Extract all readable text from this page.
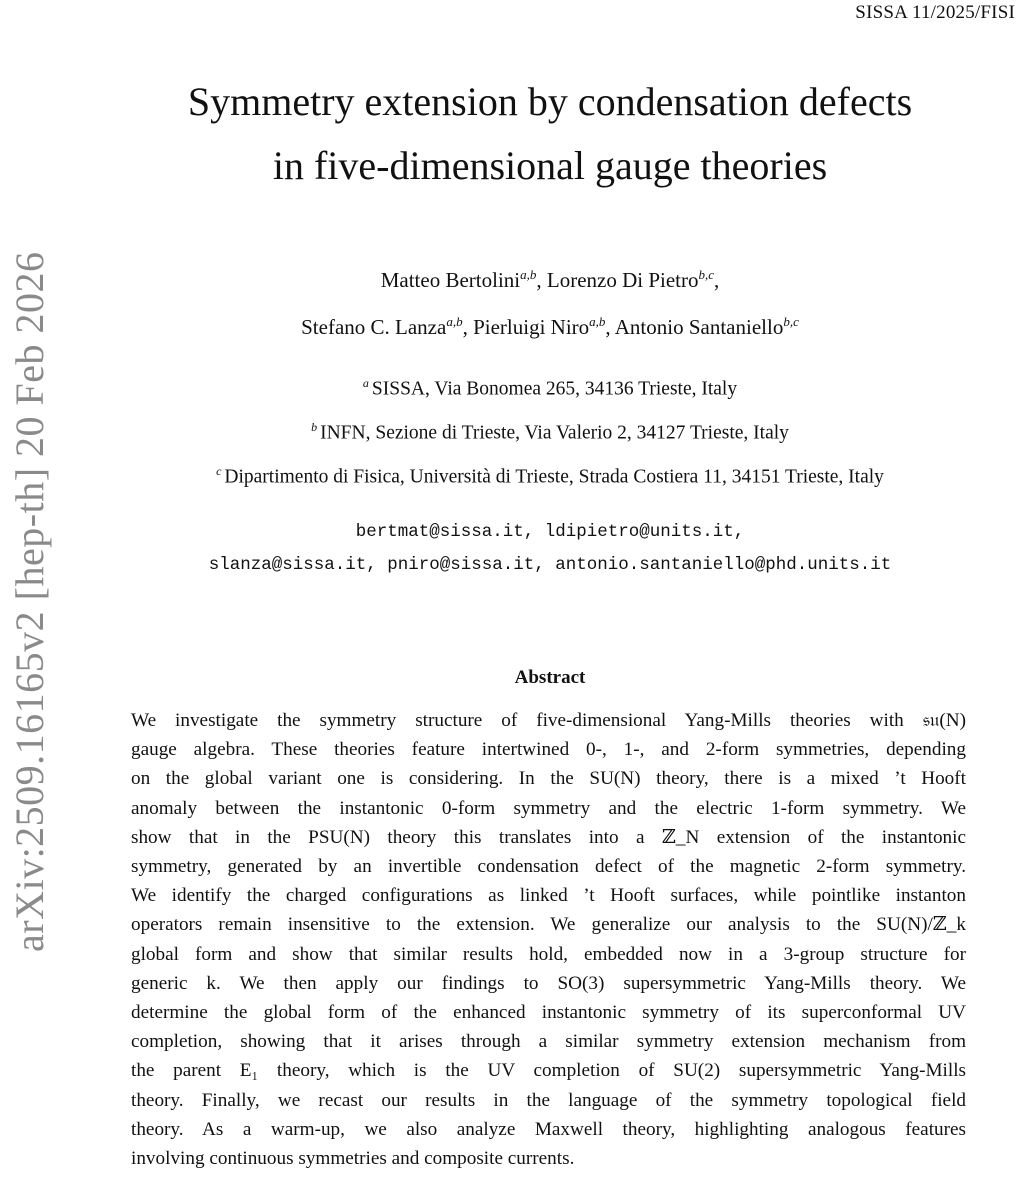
SISSA 11/2025/FISI
arXiv:2509.16165v2 [hep-th] 20 Feb 2026
Symmetry extension by condensation defects
in five-dimensional gauge theories
Matteo Bertolini$^{a,b}$, Lorenzo Di Pietro$^{b,c}$,
Stefano C. Lanza$^{a,b}$, Pierluigi Niro$^{a,b}$, Antonio Santaniello$^{b,c}$
$^a$ SISSA, Via Bonomea 265, 34136 Trieste, Italy
$^b$ INFN, Sezione di Trieste, Via Valerio 2, 34127 Trieste, Italy
$^c$ Dipartimento di Fisica, Università di Trieste, Strada Costiera 11, 34151 Trieste, Italy
bertmat@sissa.it, ldipietro@units.it,
slanza@sissa.it, pniro@sissa.it, antonio.santaniello@phd.units.it
Abstract
We investigate the symmetry structure of five-dimensional Yang-Mills theories with 𝔰𝔲(N)
gauge algebra. These theories feature intertwined 0-, 1-, and 2-form symmetries, depending
on the global variant one is considering. In the SU(N) theory, there is a mixed ’t Hooft
anomaly between the instantonic 0-form symmetry and the electric 1-form symmetry. We
show that in the PSU(N) theory this translates into a ℤ_N extension of the instantonic
symmetry, generated by an invertible condensation defect of the magnetic 2-form symmetry.
We identify the charged configurations as linked ’t Hooft surfaces, while pointlike instanton
operators remain insensitive to the extension. We generalize our analysis to the SU(N)/ℤ_k
global form and show that similar results hold, embedded now in a 3-group structure for
generic k. We then apply our findings to SO(3) supersymmetric Yang-Mills theory. We
determine the global form of the enhanced instantonic symmetry of its superconformal UV
completion, showing that it arises through a similar symmetry extension mechanism from
the parent E₁ theory, which is the UV completion of SU(2) supersymmetric Yang-Mills
theory. Finally, we recast our results in the language of the symmetry topological field
theory. As a warm-up, we also analyze Maxwell theory, highlighting analogous features
involving continuous symmetries and composite currents.
